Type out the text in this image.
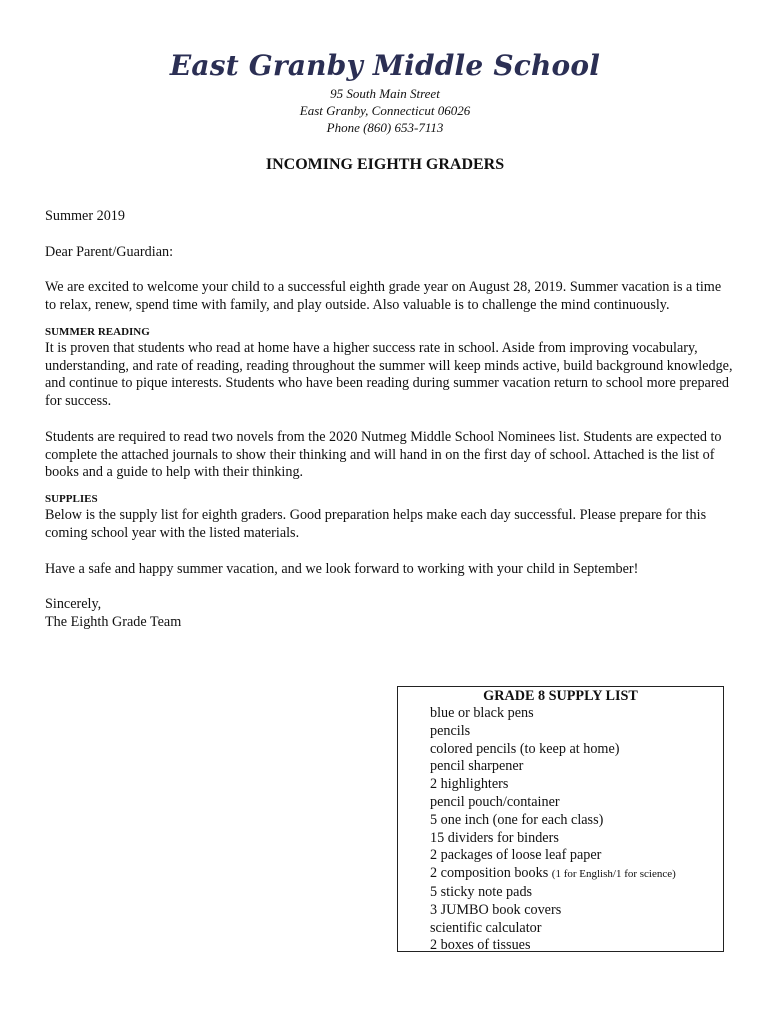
East Granby Middle School
95 South Main Street
East Granby, Connecticut 06026
Phone (860) 653-7113
INCOMING EIGHTH GRADERS

Summer 2019

Dear Parent/Guardian:

We are excited to welcome your child to a successful eighth grade year on August 28, 2019. Summer vacation is a time to relax, renew, spend time with family, and play outside. Also valuable is to challenge the mind continuously.

SUMMER READING

It is proven that students who read at home have a higher success rate in school. Aside from improving vocabulary, understanding, and rate of reading, reading throughout the summer will keep minds active, build background knowledge, and continue to pique interests. Students who have been reading during summer vacation return to school more prepared for success.

Students are required to read two novels from the 2020 Nutmeg Middle School Nominees list. Students are expected to complete the attached journals to show their thinking and will hand in on the first day of school. Attached is the list of books and a guide to help with their thinking.

SUPPLIES

Below is the supply list for eighth graders. Good preparation helps make each day successful. Please prepare for this coming school year with the listed materials.

Have a safe and happy summer vacation, and we look forward to working with your child in September!

Sincerely,

The Eighth Grade Team

GRADE 8 SUPPLY LIST
blue or black pens
pencils
colored pencils (to keep at home)
pencil sharpener
2 highlighters
pencil pouch/container
5 one inch (one for each class)
15 dividers for binders
2 packages of loose leaf paper
2 composition books (1 for English/1 for science)
5 sticky note pads
3 JUMBO book covers
scientific calculator
2 boxes of tissues
